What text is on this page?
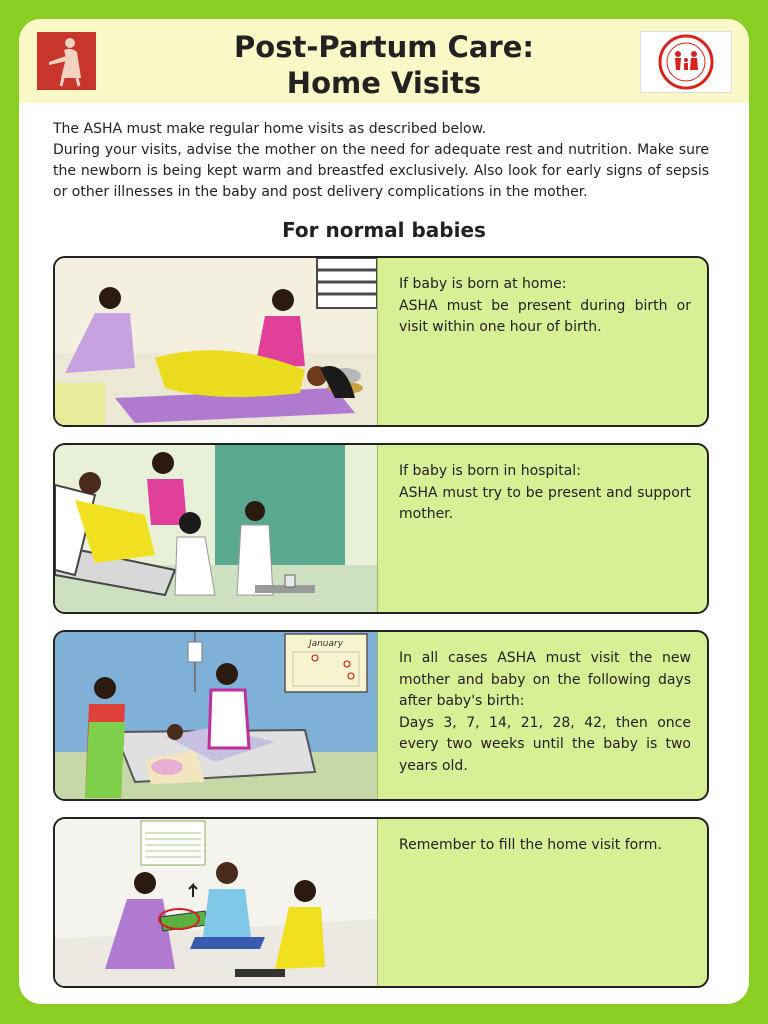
Post-Partum Care:
Home Visits

The ASHA must make regular home visits as described below.

During your visits, advise the mother on the need for adequate rest and nutrition. Make sure the newborn is being kept warm and breastfed exclusively. Also look for early signs of sepsis or other illnesses in the baby and post delivery complications in the mother.

For normal babies

If baby is born at home:

ASHA must be present during birth or visit within one hour of birth.

If baby is born in hospital:

ASHA must try to be present and support mother.

January

In all cases ASHA must visit the new mother and baby on the following days after baby's birth:

Days 3, 7, 14, 21, 28, 42, then once every two weeks until the baby is two years old.

Remember to fill the home visit form.
